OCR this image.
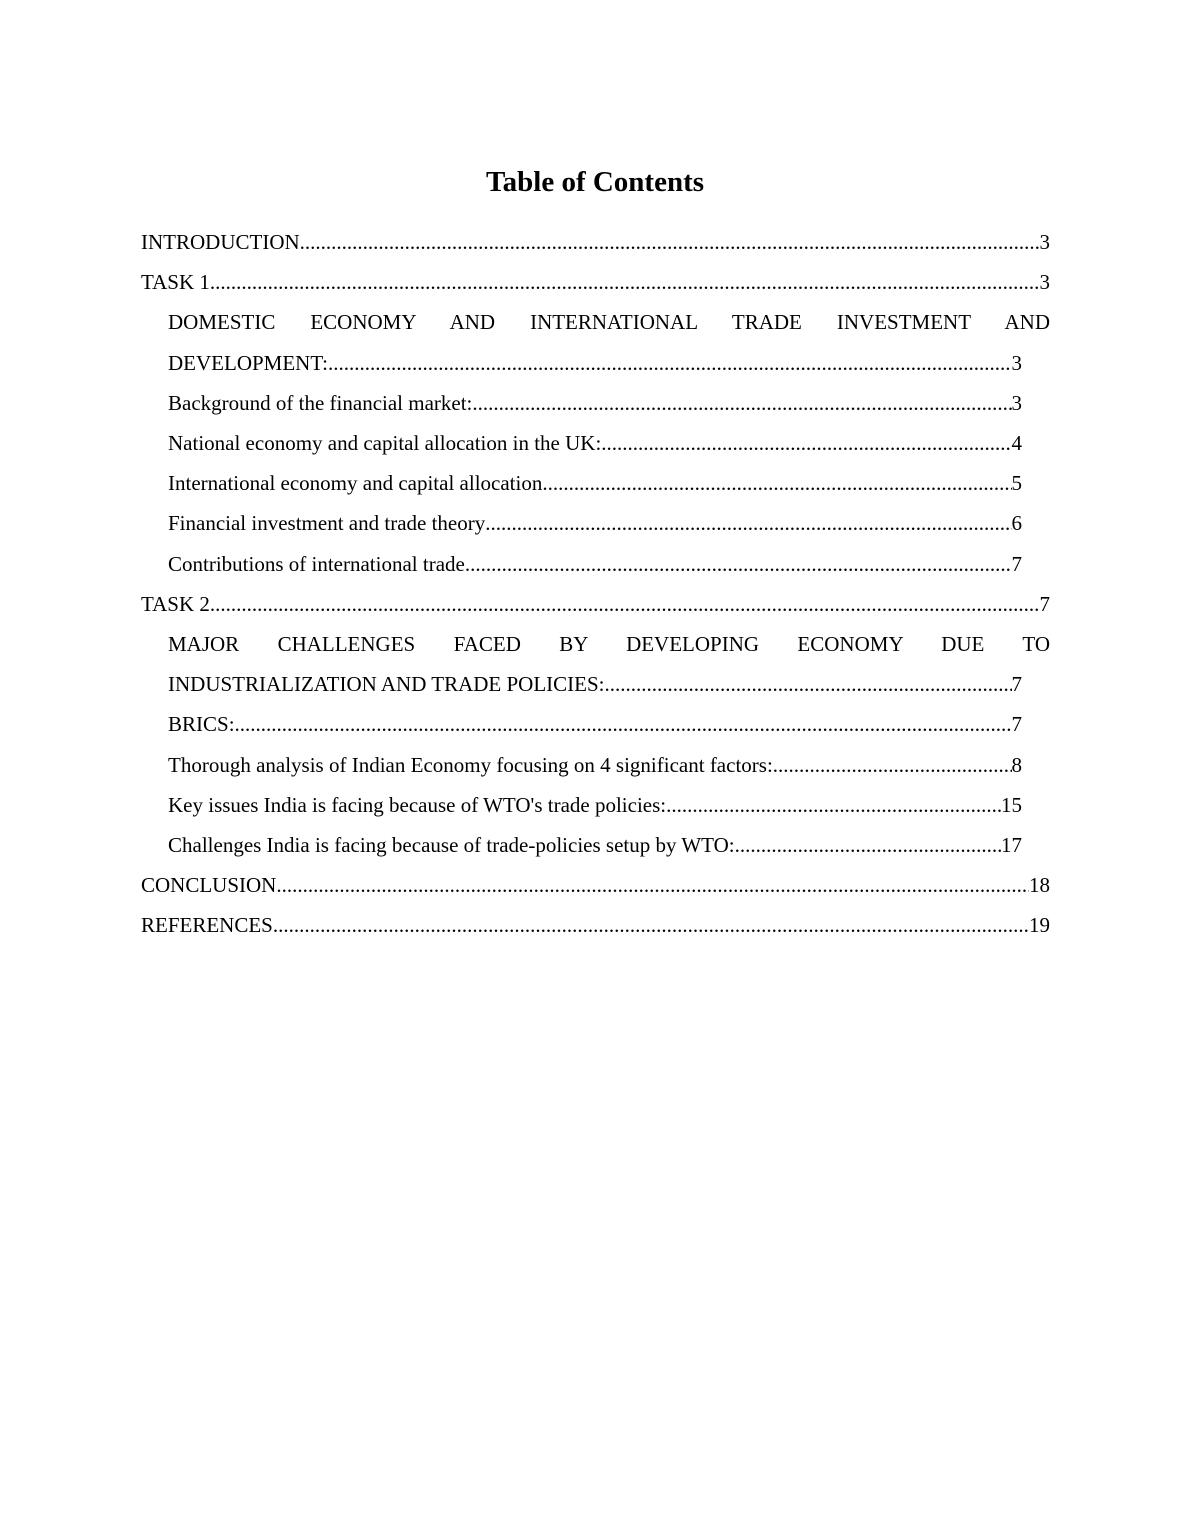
Table of Contents
INTRODUCTION .....	3
TASK 1 .....	3
DOMESTIC ECONOMY AND INTERNATIONAL TRADE INVESTMENT AND
DEVELOPMENT: .....	3
Background of the financial market: .....	3
National economy and capital allocation in the UK: .....	4
International economy and capital allocation .....	5
Financial investment and trade theory .....	6
Contributions of international trade .....	7
TASK 2 .....	7
MAJOR CHALLENGES FACED BY DEVELOPING ECONOMY DUE TO
INDUSTRIALIZATION AND TRADE POLICIES: .....	7
BRICS: .....	7
Thorough analysis of Indian Economy focusing on 4 significant factors: .....	8
Key issues India is facing because of WTO's trade policies: .....	15
Challenges India is facing because of trade-policies setup by WTO: .....	17
CONCLUSION .....	18
REFERENCES .....	19
